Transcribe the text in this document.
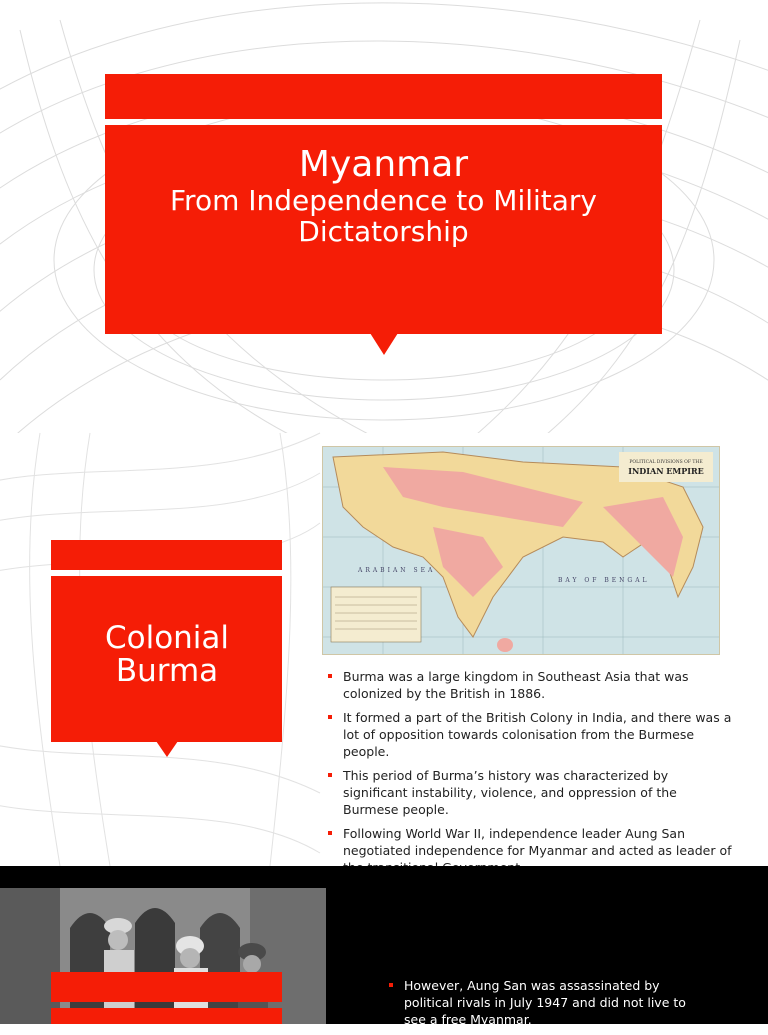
Myanmar
From Independence to Military Dictatorship
POLITICAL DIVISIONS OF THE
INDIAN EMPIRE
ARABIAN SEA
BAY OF BENGAL
Colonial Burma	Burma was a large kingdom in Southeast Asia that was colonized by the British in 1886.
It formed a part of the British Colony in India, and there was a lot of opposition towards colonisation from the Burmese people.
This period of Burma’s history was characterized by significant instability, violence, and oppression of the Burmese people.
Following World War II, independence leader Aung San negotiated independence for Myanmar and acted as leader of
However, Aung San was assassinated by political rivals in July 1947 and did not live to see a free Myanmar.
